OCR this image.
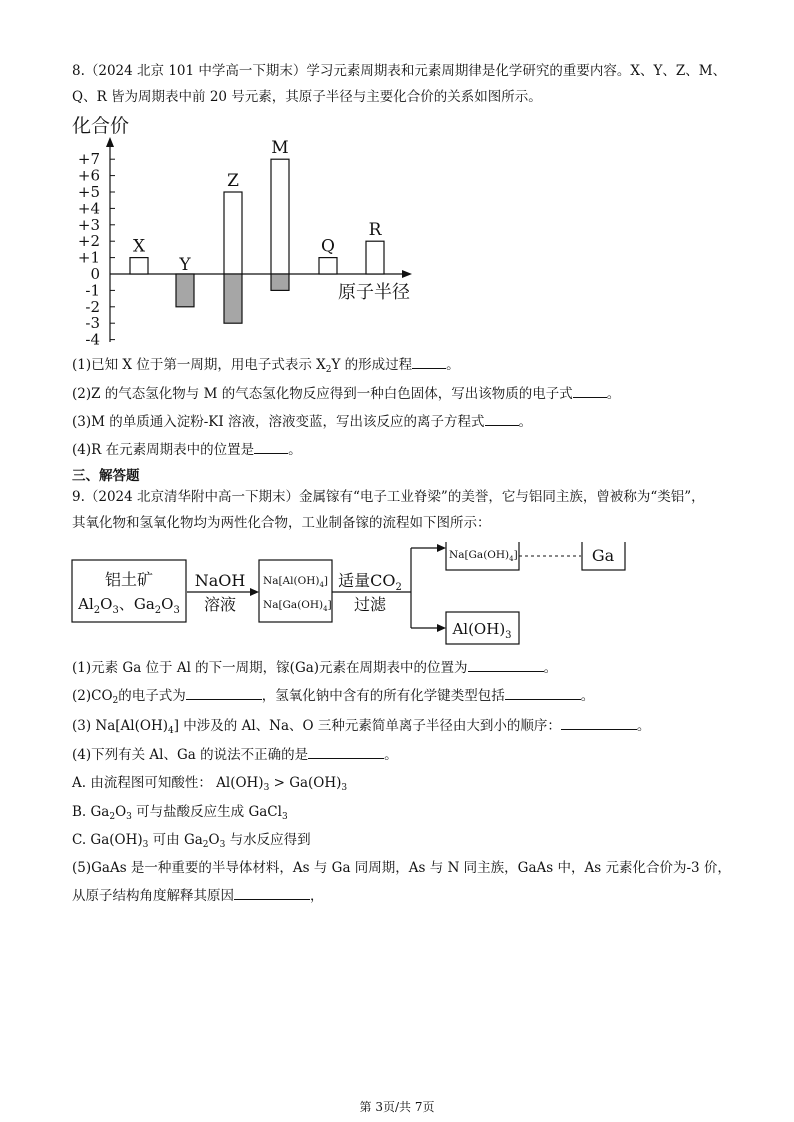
8.（2024 北京 101 中学高一下期末）学习元素周期表和元素周期律是化学研究的重要内容。X、Y、Z、M、
Q、R 皆为周期表中前 20 号元素，其原子半径与主要化合价的关系如图所示。
化合价
+7
+6
+5
+4
+3
+2
+1
0
-1
-2
-3
-4
原子半径
X
Y
Z
M
Q
R
(1)已知 X 位于第一周期，用电子式表示 $X_2Y$ 的形成过程	。
(2)Z 的气态氢化物与 M 的气态氢化物反应得到一种白色固体，写出该物质的电子式	。
(3)M 的单质通入淀粉-KI 溶液，溶液变蓝，写出该反应的离子方程式	。
(4)R 在元素周期表中的位置是	。
三、解答题
9.（2024 北京清华附中高一下期末）金属镓有“电子工业脊梁”的美誉，它与铝同主族，曾被称为“类铝”，
其氧化物和氢氧化物均为两性化合物，工业制备镓的流程如下图所示：
铝土矿
$Al_2O_3$、$Ga_2O_3$
NaOH
溶液
$Na[Al(OH)_4]$
$Na[Ga(OH)_4]$
适量$CO_2$
过滤
$Na[Ga(OH)_4]$	Ga
$Al(OH)_3$
(1)元素 Ga 位于 Al 的下一周期，镓(Ga)元素在周期表中的位置为	。
$(2)CO_2$的电子式为	，氢氧化钠中含有的所有化学键类型包括	。
(3) $Na[Al(OH)_4]$ 中涉及的 Al、Na、O 三种元素简单离子半径由大到小的顺序：	。
(4)下列有关 Al、Ga 的说法不正确的是	。
A. 由流程图可知酸性： $Al(OH)_3 > Ga(OH)_3$
B. $Ga_2O_3$ 可与盐酸反应生成 GaCl$_3$
C. $Ga(OH)_3$ 可由 $Ga_2O_3$ 与水反应得到
(5)GaAs 是一种重要的半导体材料，As 与 Ga 同周期，As 与 N 同主族，GaAs 中，As 元素化合价为-3 价，
从原子结构角度解释其原因	，
第 3页/共 7页
